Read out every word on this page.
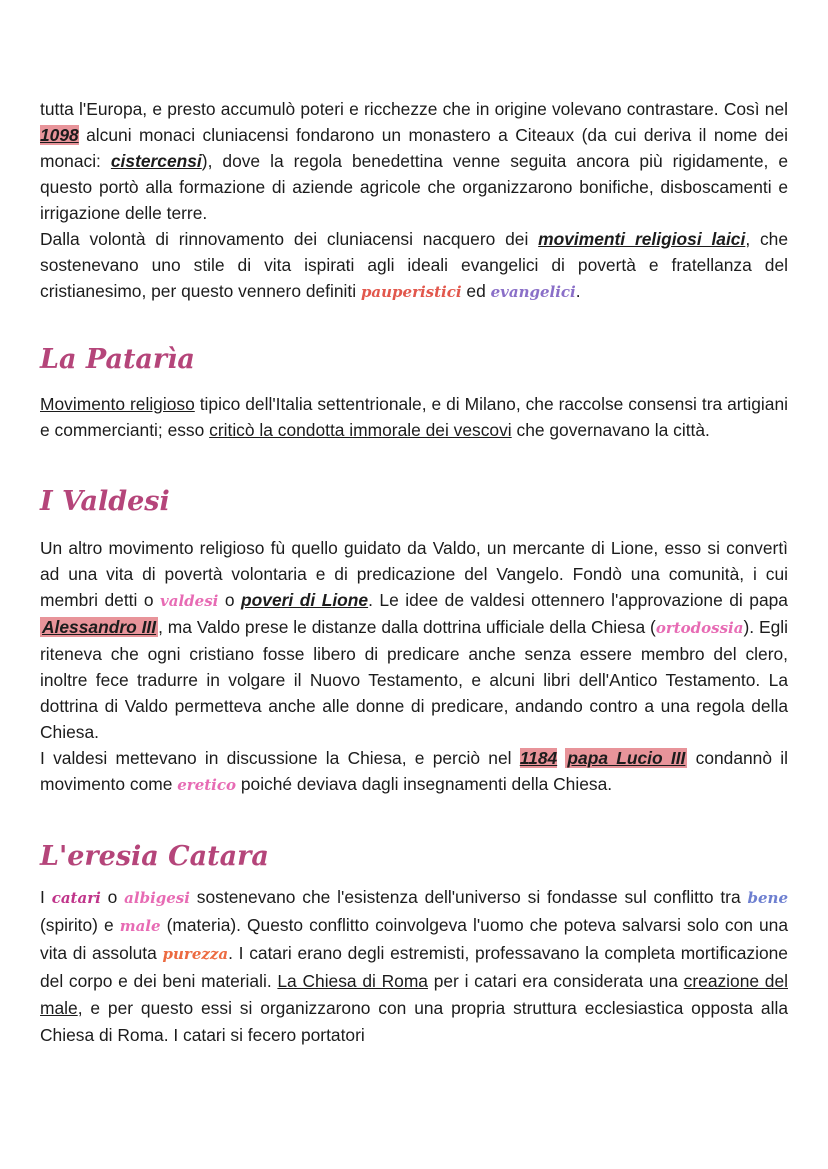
tutta l'Europa, e presto accumulò poteri e ricchezze che in origine volevano contrastare. Così nel 1098 alcuni monaci cluniacensi fondarono un monastero a Citeaux (da cui deriva il nome dei monaci: cistercensi), dove la regola benedettina venne seguita ancora più rigidamente, e questo portò alla formazione di aziende agricole che organizzarono bonifiche, disboscamenti e irrigazione delle terre.

Dalla volontà di rinnovamento dei cluniacensi nacquero dei movimenti religiosi laici, che sostenevano uno stile di vita ispirati agli ideali evangelici di povertà e fratellanza del cristianesimo, per questo vennero definiti pauperistici ed evangelici.

La Patarìa

Movimento religioso tipico dell'Italia settentrionale, e di Milano, che raccolse consensi tra artigiani e commercianti; esso criticò la condotta immorale dei vescovi che governavano la città.

I Valdesi

Un altro movimento religioso fù quello guidato da Valdo, un mercante di Lione, esso si convertì ad una vita di povertà volontaria e di predicazione del Vangelo. Fondò una comunità, i cui membri detti o valdesi o poveri di Lione. Le idee de valdesi ottennero l'approvazione di papa Alessandro III , ma Valdo prese le distanze dalla dottrina ufficiale della Chiesa (ortodossia). Egli riteneva che ogni cristiano fosse libero di predicare anche senza essere membro del clero, inoltre fece tradurre in volgare il Nuovo Testamento, e alcuni libri dell'Antico Testamento. La dottrina di Valdo permetteva anche alle donne di predicare, andando contro a una regola della Chiesa.

I valdesi mettevano in discussione la Chiesa, e perciò nel 1184 papa Lucio III condannò il movimento come eretico poiché deviava dagli insegnamenti della Chiesa.

L'eresia Catara

I catari o albigesi sostenevano che l'esistenza dell'universo si fondasse sul conflitto tra bene (spirito) e male (materia). Questo conflitto coinvolgeva l'uomo che poteva salvarsi solo con una vita di assoluta purezza. I catari erano degli estremisti, professavano la completa mortificazione del corpo e dei beni materiali. La Chiesa di Roma per i catari era considerata una creazione del male, e per questo essi si organizzarono con una propria struttura ecclesiastica opposta alla Chiesa di Roma. I catari si fecero portatori
